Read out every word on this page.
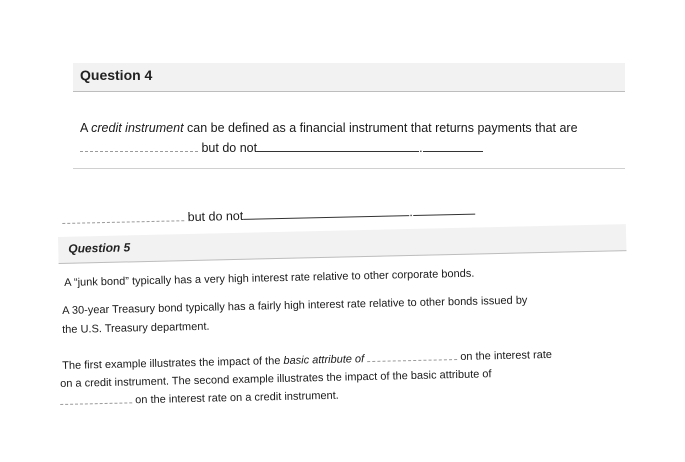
Question 4
A credit instrument can be defined as a financial instrument that returns payments that are
but do not	.
but do not	.
Question 5
A “junk bond” typically has a very high interest rate relative to other corporate bonds.
A 30-year Treasury bond typically has a fairly high interest rate relative to other bonds issued by
the U.S. Treasury department.
The first example illustrates the impact of the basic attribute of	on the interest rate
on a credit instrument. The second example illustrates the impact of the basic attribute of
on the interest rate on a credit instrument.
